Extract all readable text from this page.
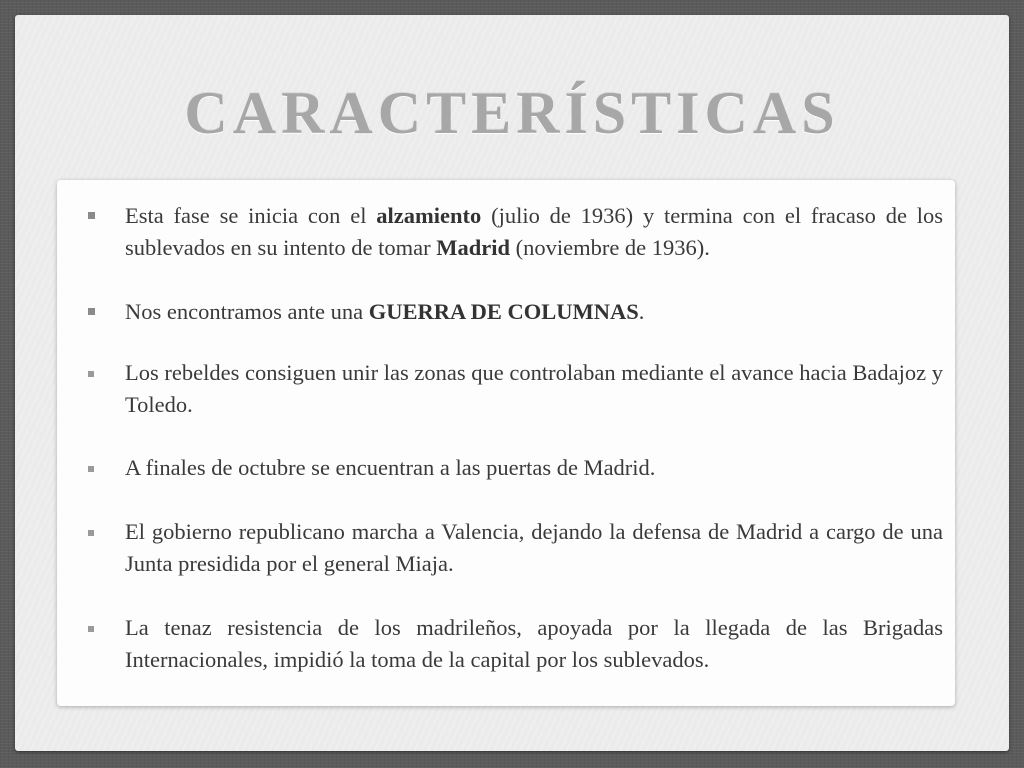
CARACTERÍSTICAS
Esta fase se inicia con el alzamiento (julio de 1936) y termina con el fracaso de los sublevados en su intento de tomar Madrid (noviembre de 1936).
Nos encontramos ante una GUERRA DE COLUMNAS.
Los rebeldes consiguen unir las zonas que controlaban mediante el avance hacia Badajoz y Toledo.
A finales de octubre se encuentran a las puertas de Madrid.
El gobierno republicano marcha a Valencia, dejando la defensa de Madrid a cargo de una Junta presidida por el general Miaja.
La tenaz resistencia de los madrileños, apoyada por la llegada de las Brigadas Internacionales, impidió la toma de la capital por los sublevados.
